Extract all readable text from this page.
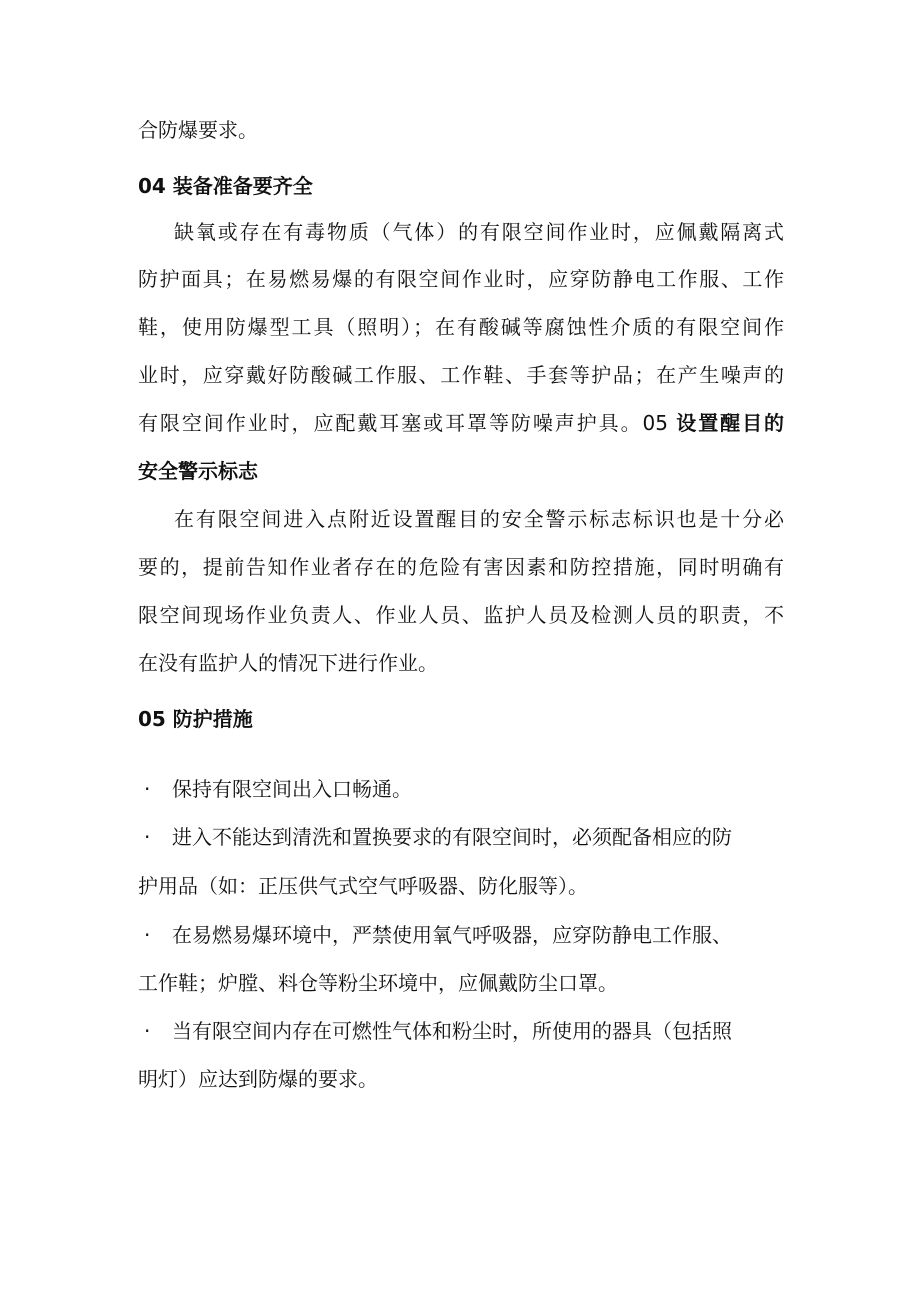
合防爆要求。
04 装备准备要齐全
缺氧或存在有毒物质（气体）的有限空间作业时，应佩戴隔离式
防护面具；在易燃易爆的有限空间作业时，应穿防静电工作服、工作
鞋，使用防爆型工具（照明）；在有酸碱等腐蚀性介质的有限空间作
业时，应穿戴好防酸碱工作服、工作鞋、手套等护品；在产生噪声的
有限空间作业时，应配戴耳塞或耳罩等防噪声护具。05 设置醒目的
安全警示标志
在有限空间进入点附近设置醒目的安全警示标志标识也是十分必
要的，提前告知作业者存在的危险有害因素和防控措施，同时明确有
限空间现场作业负责人、作业人员、监护人员及检测人员的职责，不
在没有监护人的情况下进行作业。
05 防护措施
· 保持有限空间出入口畅通。
· 进入不能达到清洗和置换要求的有限空间时，必须配备相应的防
护用品（如：正压供气式空气呼吸器、防化服等）。
· 在易燃易爆环境中，严禁使用氧气呼吸器，应穿防静电工作服、
工作鞋；炉膛、料仓等粉尘环境中，应佩戴防尘口罩。
· 当有限空间内存在可燃性气体和粉尘时，所使用的器具（包括照
明灯）应达到防爆的要求。
